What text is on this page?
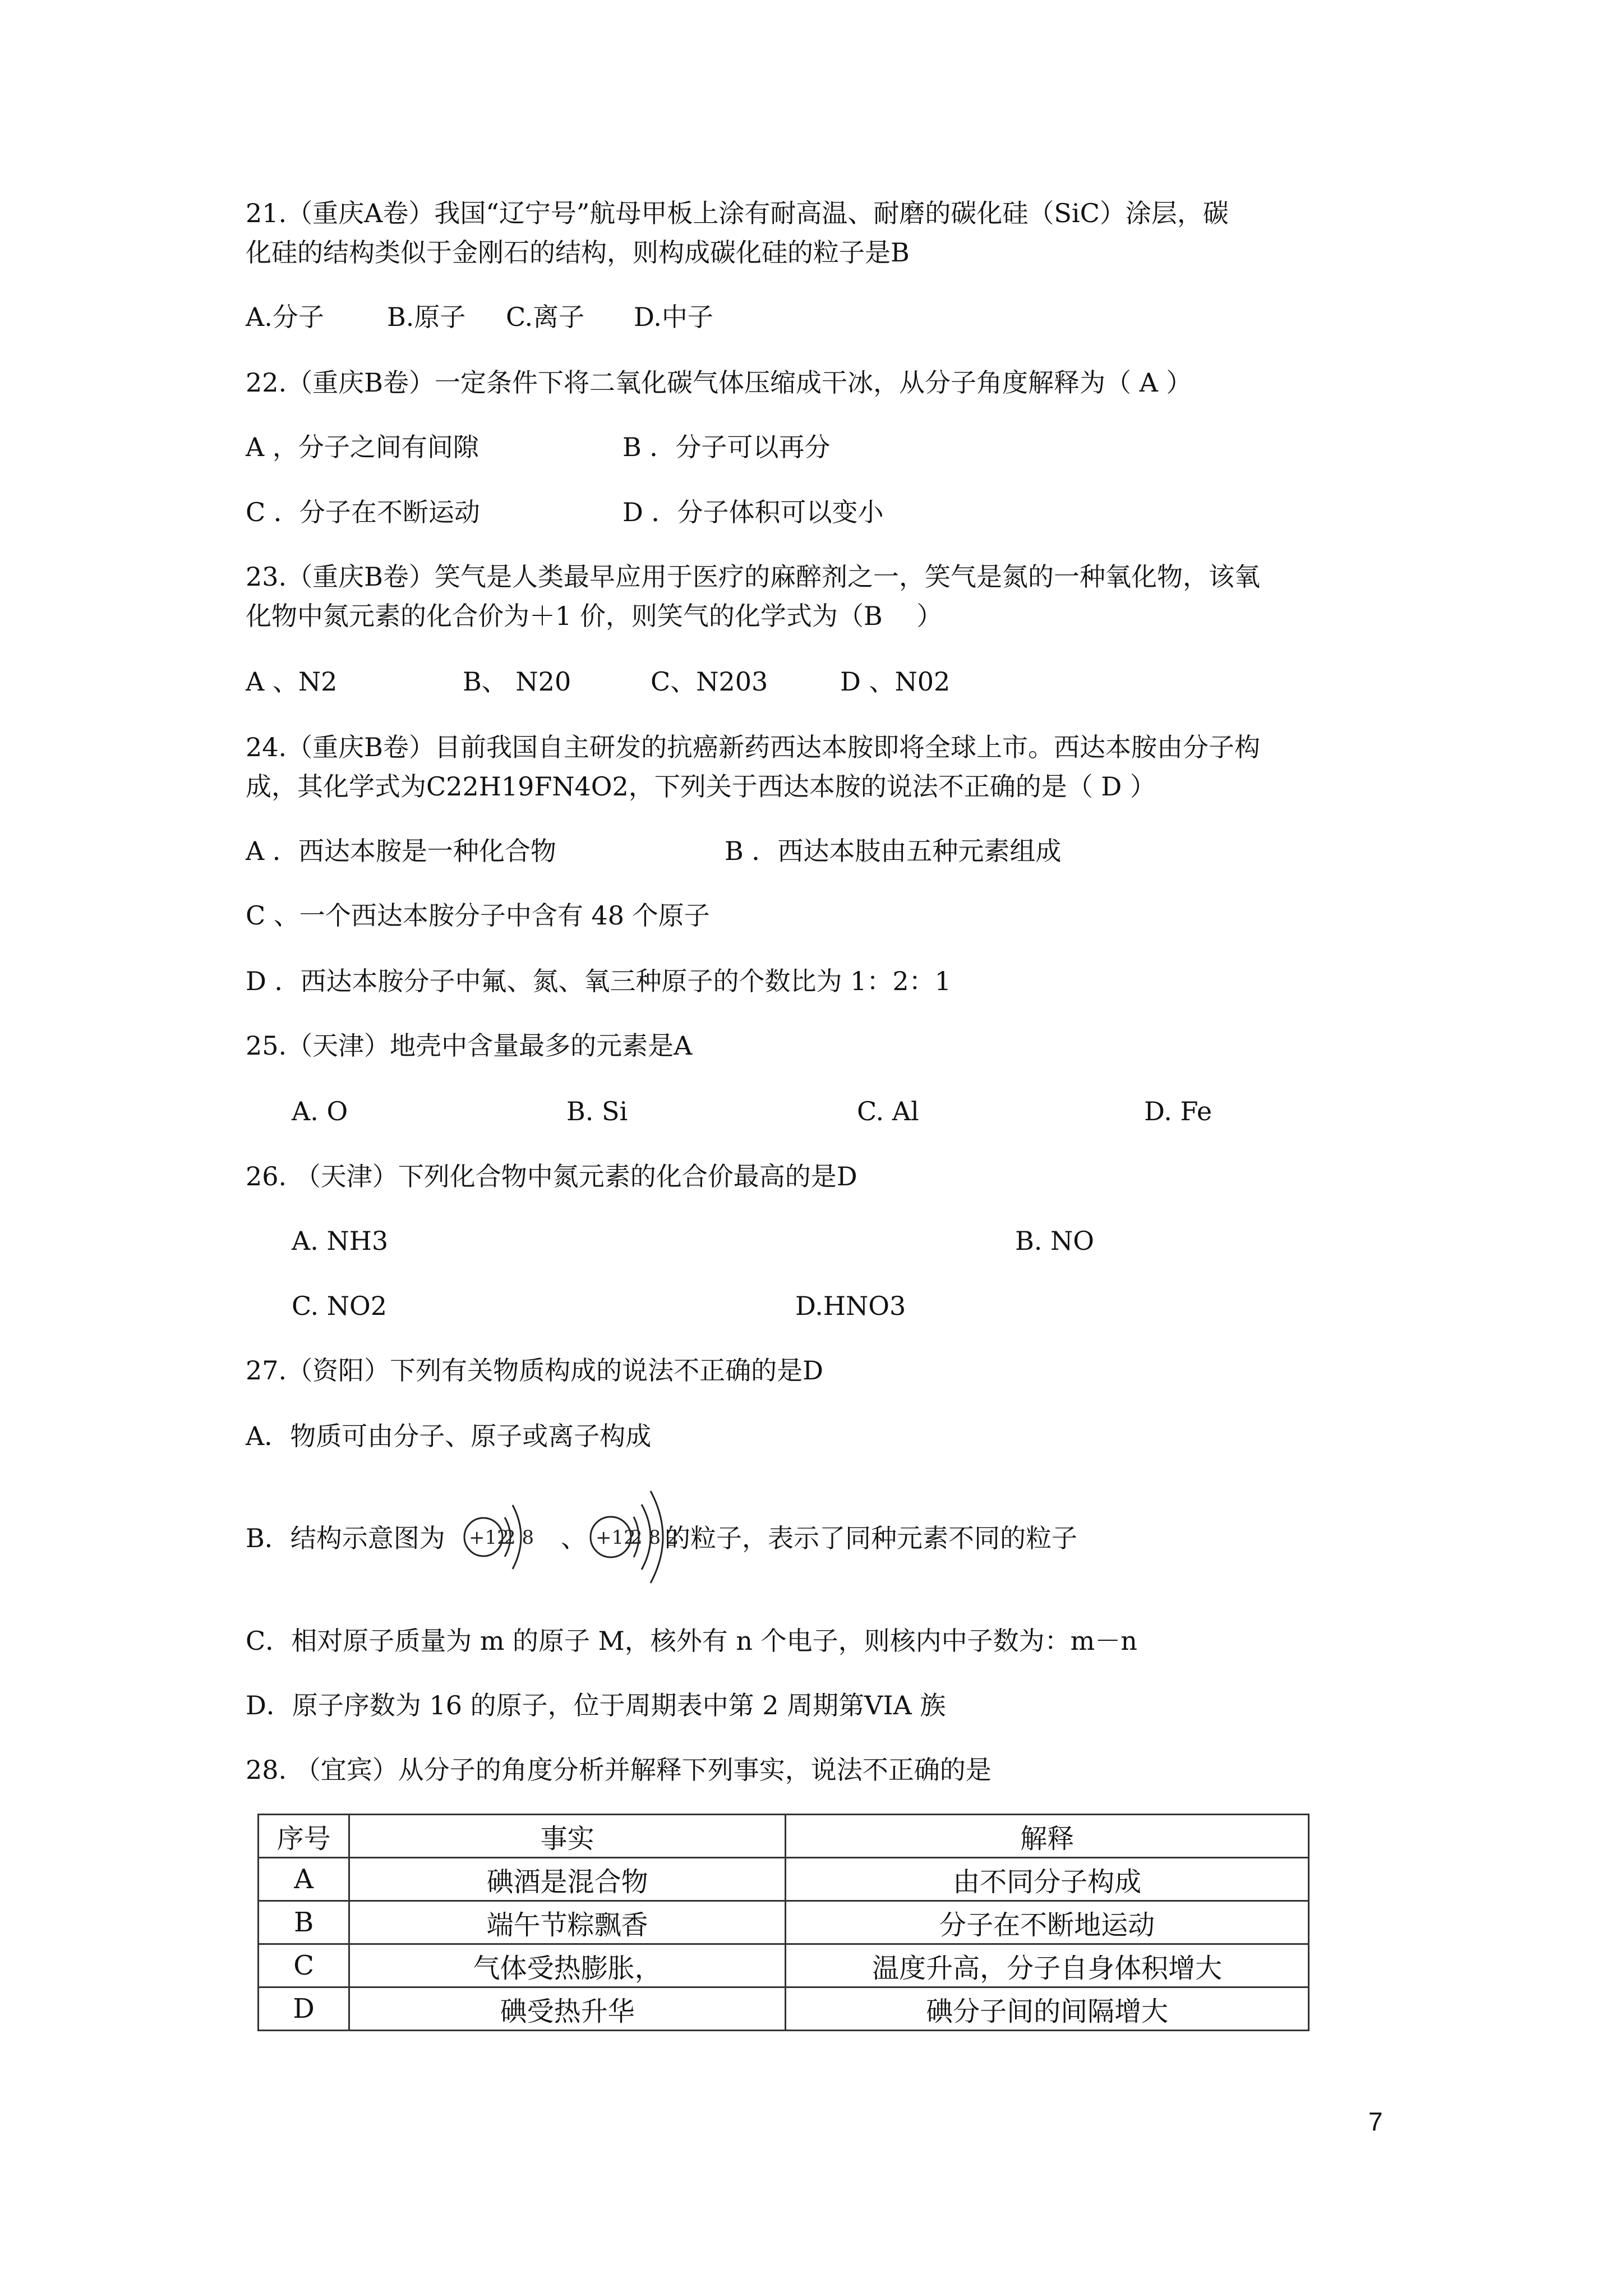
21.（重庆A卷）我国“辽宁号”航母甲板上涂有耐高温、耐磨的碳化硅（SiC）涂层，碳
化硅的结构类似于金刚石的结构，则构成碳化硅的粒子是B
A.分子 B.原子 C.离子 D.中子
22.（重庆B卷）一定条件下将二氧化碳气体压缩成干冰，从分子角度解释为（ A ）
A ，分子之间有间隙	B ．分子可以再分
C ．分子在不断运动	D ．分子体积可以变小
23.（重庆B卷）笑气是人类最早应用于医疗的麻醉剂之一，笑气是氮的一种氧化物，该氧
化物中氮元素的化合价为＋1 价，则笑气的化学式为（B　 ）
A 、N2	B、 N20	C、N203	D 、N02
24.（重庆B卷）目前我国自主研发的抗癌新药西达本胺即将全球上市。西达本胺由分子构
成，其化学式为C22H19FN4O2，下列关于西达本胺的说法不正确的是（ D ）
A ．西达本胺是一种化合物	B ．西达本肢由五种元素组成
C 、一个西达本胺分子中含有 48 个原子
D ．西达本胺分子中氟、氮、氧三种原子的个数比为 1：2：1
25.（天津）地壳中含量最多的元素是A
A. O	B. Si	C. Al	D. Fe
26. （天津）下列化合物中氮元素的化合价最高的是D
A. NH3	B. NO
C. NO2	D.HNO3
27.（资阳）下列有关物质构成的说法不正确的是D
A．物质可由分子、原子或离子构成
B．结构示意图为 +12
2 8 、 +12
2 8 2
的粒子，表示了同种元素不同的粒子
C．相对原子质量为 m 的原子 M，核外有 n 个电子，则核内中子数为：m－n
D．原子序数为 16 的原子，位于周期表中第 2 周期第VIA 族
28. （宜宾）从分子的角度分析并解释下列事实，说法不正确的是
序号	事实	解释
A	碘酒是混合物	由不同分子构成
B	端午节粽飘香	分子在不断地运动
C	气体受热膨胀，	温度升高，分子自身体积增大
D	碘受热升华	碘分子间的间隔增大
7
